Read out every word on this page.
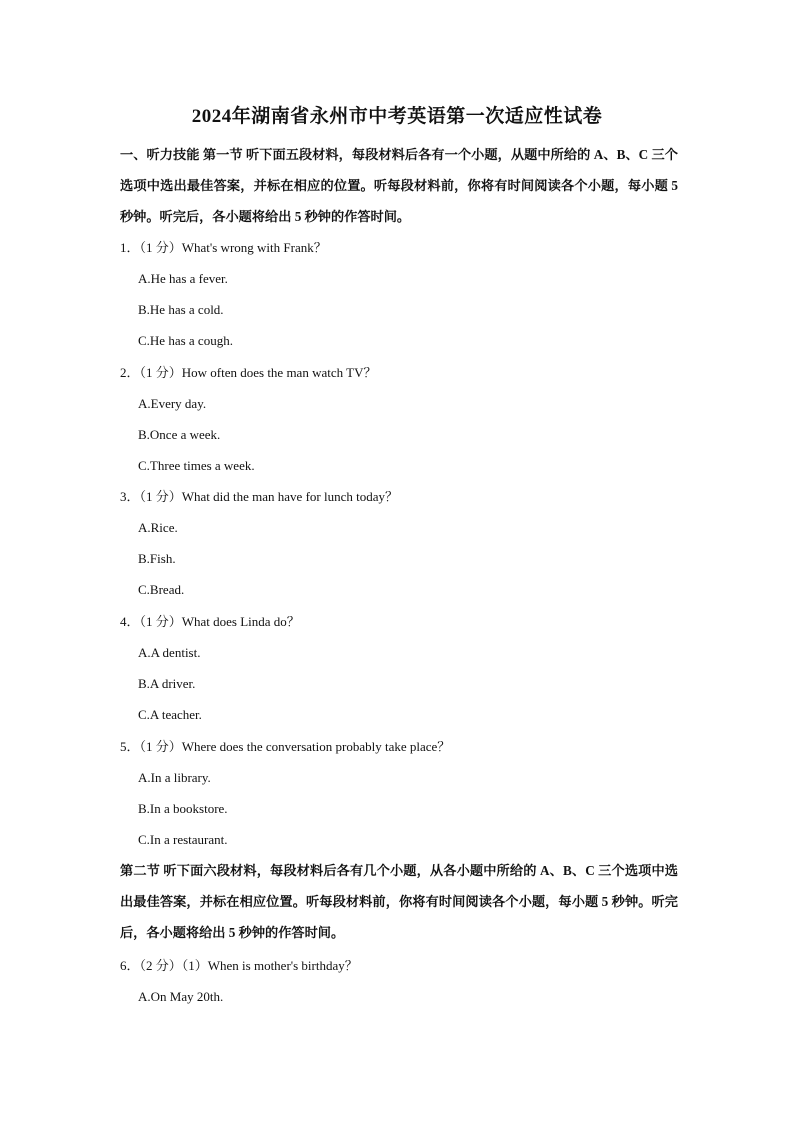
2024年湖南省永州市中考英语第一次适应性试卷
一、听力技能 第一节 听下面五段材料，每段材料后各有一个小题，从题中所给的 A、B、C 三个选项中选出最佳答案，并标在相应的位置。听每段材料前，你将有时间阅读各个小题，每小题 5 秒钟。听完后，各小题将给出 5 秒钟的作答时间。
1．（1 分）What's wrong with Frank？
A.He has a fever.
B.He has a cold.
C.He has a cough.
2．（1 分）How often does the man watch TV？
A.Every day.
B.Once a week.
C.Three times a week.
3．（1 分）What did the man have for lunch today？
A.Rice.
B.Fish.
C.Bread.
4．（1 分）What does Linda do？
A.A dentist.
B.A driver.
C.A teacher.
5．（1 分）Where does the conversation probably take place？
A.In a library.
B.In a bookstore.
C.In a restaurant.
第二节 听下面六段材料，每段材料后各有几个小题，从各小题中所给的 A、B、C 三个选项中选出最佳答案，并标在相应位置。听每段材料前，你将有时间阅读各个小题，每小题 5 秒钟。听完后，各小题将给出 5 秒钟的作答时间。
6．（2 分）（1）When is mother's birthday？
A.On May 20th.
